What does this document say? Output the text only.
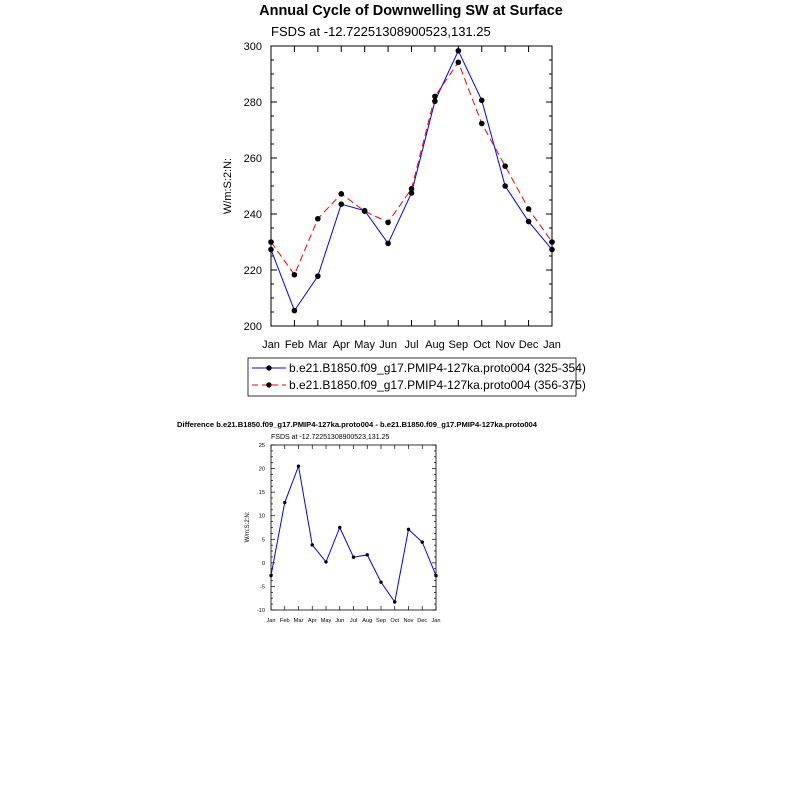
Annual Cycle of Downwelling SW at Surface
FSDS at -12.72251308900523,131.25
W/m:S:2:N:
200
220
240
260
280
300
Jan Feb Mar Apr May Jun Jul Aug Sep Oct Nov Dec Jan
b.e21.B1850.f09_g17.PMIP4-127ka.proto004 (325-354)
b.e21.B1850.f09_g17.PMIP4-127ka.proto004 (356-375)
Difference b.e21.B1850.f09_g17.PMIP4-127ka.proto004 - b.e21.B1850.f09_g17.PMIP4-127ka.proto004
FSDS at -12.72251308900523,131.25
W/m:S:2:N:
-10
-5
0
5
10
15
20
25
Jan Feb Mar Apr May Jun Jul Aug Sep Oct Nov Dec Jan
